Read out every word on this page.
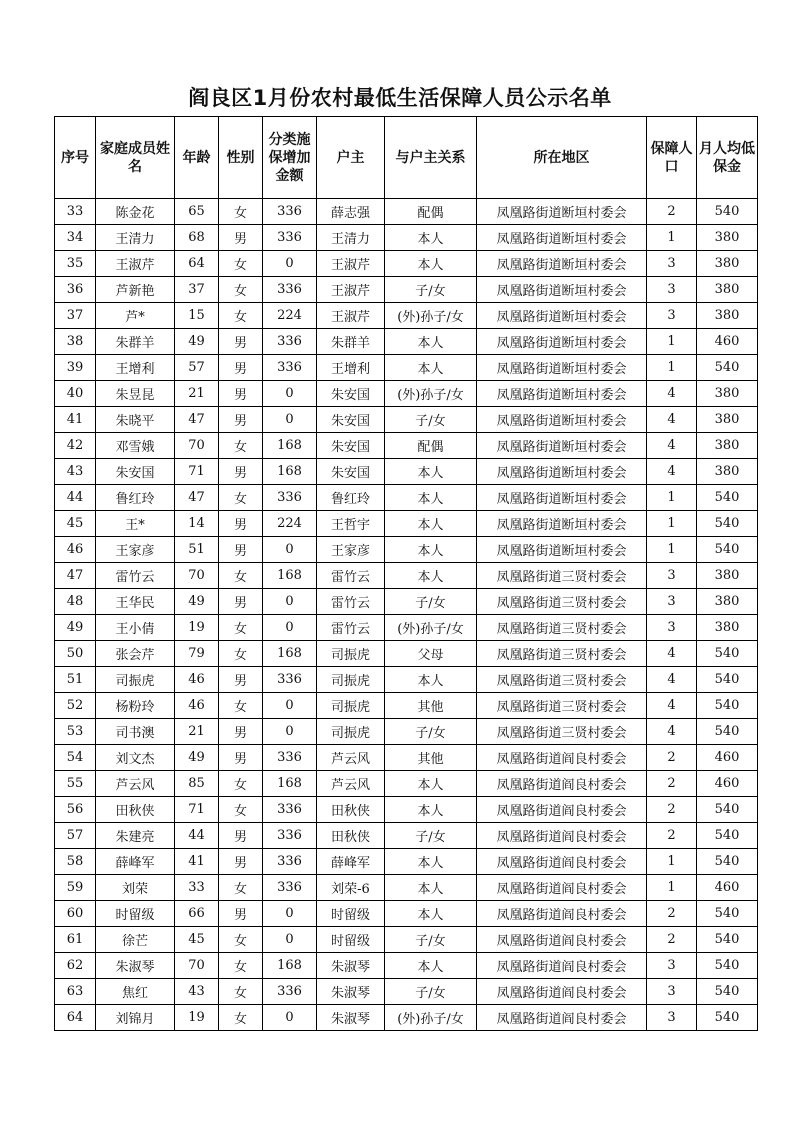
阎良区1月份农村最低生活保障人员公示名单
序号	家庭成员姓名	年龄	性别	分类施保增加金额	户主	与户主关系	所在地区	保障人口	月人均低保金
33	陈金花	65	女	336	薛志强	配偶	凤凰路街道断垣村委会	2	540
34	王清力	68	男	336	王清力	本人	凤凰路街道断垣村委会	1	380
35	王淑芹	64	女	0	王淑芹	本人	凤凰路街道断垣村委会	3	380
36	芦新艳	37	女	336	王淑芹	子/女	凤凰路街道断垣村委会	3	380
37	芦*	15	女	224	王淑芹	(外)孙子/女	凤凰路街道断垣村委会	3	380
38	朱群羊	49	男	336	朱群羊	本人	凤凰路街道断垣村委会	1	460
39	王增利	57	男	336	王增利	本人	凤凰路街道断垣村委会	1	540
40	朱昱昆	21	男	0	朱安国	(外)孙子/女	凤凰路街道断垣村委会	4	380
41	朱晓平	47	男	0	朱安国	子/女	凤凰路街道断垣村委会	4	380
42	邓雪娥	70	女	168	朱安国	配偶	凤凰路街道断垣村委会	4	380
43	朱安国	71	男	168	朱安国	本人	凤凰路街道断垣村委会	4	380
44	鲁红玲	47	女	336	鲁红玲	本人	凤凰路街道断垣村委会	1	540
45	王*	14	男	224	王哲宇	本人	凤凰路街道断垣村委会	1	540
46	王家彦	51	男	0	王家彦	本人	凤凰路街道断垣村委会	1	540
47	雷竹云	70	女	168	雷竹云	本人	凤凰路街道三贤村委会	3	380
48	王华民	49	男	0	雷竹云	子/女	凤凰路街道三贤村委会	3	380
49	王小倩	19	女	0	雷竹云	(外)孙子/女	凤凰路街道三贤村委会	3	380
50	张会芹	79	女	168	司振虎	父母	凤凰路街道三贤村委会	4	540
51	司振虎	46	男	336	司振虎	本人	凤凰路街道三贤村委会	4	540
52	杨粉玲	46	女	0	司振虎	其他	凤凰路街道三贤村委会	4	540
53	司书澳	21	男	0	司振虎	子/女	凤凰路街道三贤村委会	4	540
54	刘文杰	49	男	336	芦云风	其他	凤凰路街道阎良村委会	2	460
55	芦云风	85	女	168	芦云风	本人	凤凰路街道阎良村委会	2	460
56	田秋侠	71	女	336	田秋侠	本人	凤凰路街道阎良村委会	2	540
57	朱建亮	44	男	336	田秋侠	子/女	凤凰路街道阎良村委会	2	540
58	薛峰军	41	男	336	薛峰军	本人	凤凰路街道阎良村委会	1	540
59	刘荣	33	女	336	刘荣-6	本人	凤凰路街道阎良村委会	1	460
60	时留级	66	男	0	时留级	本人	凤凰路街道阎良村委会	2	540
61	徐芒	45	女	0	时留级	子/女	凤凰路街道阎良村委会	2	540
62	朱淑琴	70	女	168	朱淑琴	本人	凤凰路街道阎良村委会	3	540
63	焦红	43	女	336	朱淑琴	子/女	凤凰路街道阎良村委会	3	540
64	刘锦月	19	女	0	朱淑琴	(外)孙子/女	凤凰路街道阎良村委会	3	540
